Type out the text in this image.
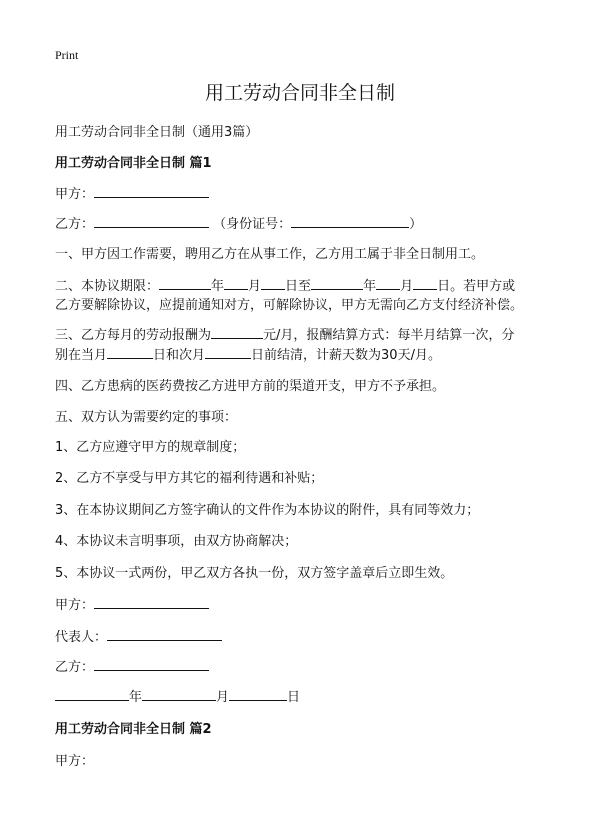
Print
用工劳动合同非全日制
用工劳动合同非全日制（通用3篇）
用工劳动合同非全日制 篇1
甲方：
乙方：	（身份证号：	）
一、甲方因工作需要，聘用乙方在从事工作，乙方用工属于非全日制用工。
二、本协议期限：	年 月 日至	年 月 日。若甲方或
乙方要解除协议，应提前通知对方，可解除协议，甲方无需向乙方支付经济补偿。
三、乙方每月的劳动报酬为	元/月，报酬结算方式：每半月结算一次，分
别在当月	日和次月	日前结清，计薪天数为30天/月。
四、乙方患病的医药费按乙方进甲方前的渠道开支，甲方不予承担。
五、双方认为需要约定的事项：
1、乙方应遵守甲方的规章制度；
2、乙方不享受与甲方其它的福利待遇和补贴；
3、在本协议期间乙方签字确认的文件作为本协议的附件，具有同等效力；
4、本协议未言明事项，由双方协商解决；
5、本协议一式两份，甲乙双方各执一份，双方签字盖章后立即生效。
甲方：
代表人：
乙方：
年	月	日
用工劳动合同非全日制 篇2
甲方：
